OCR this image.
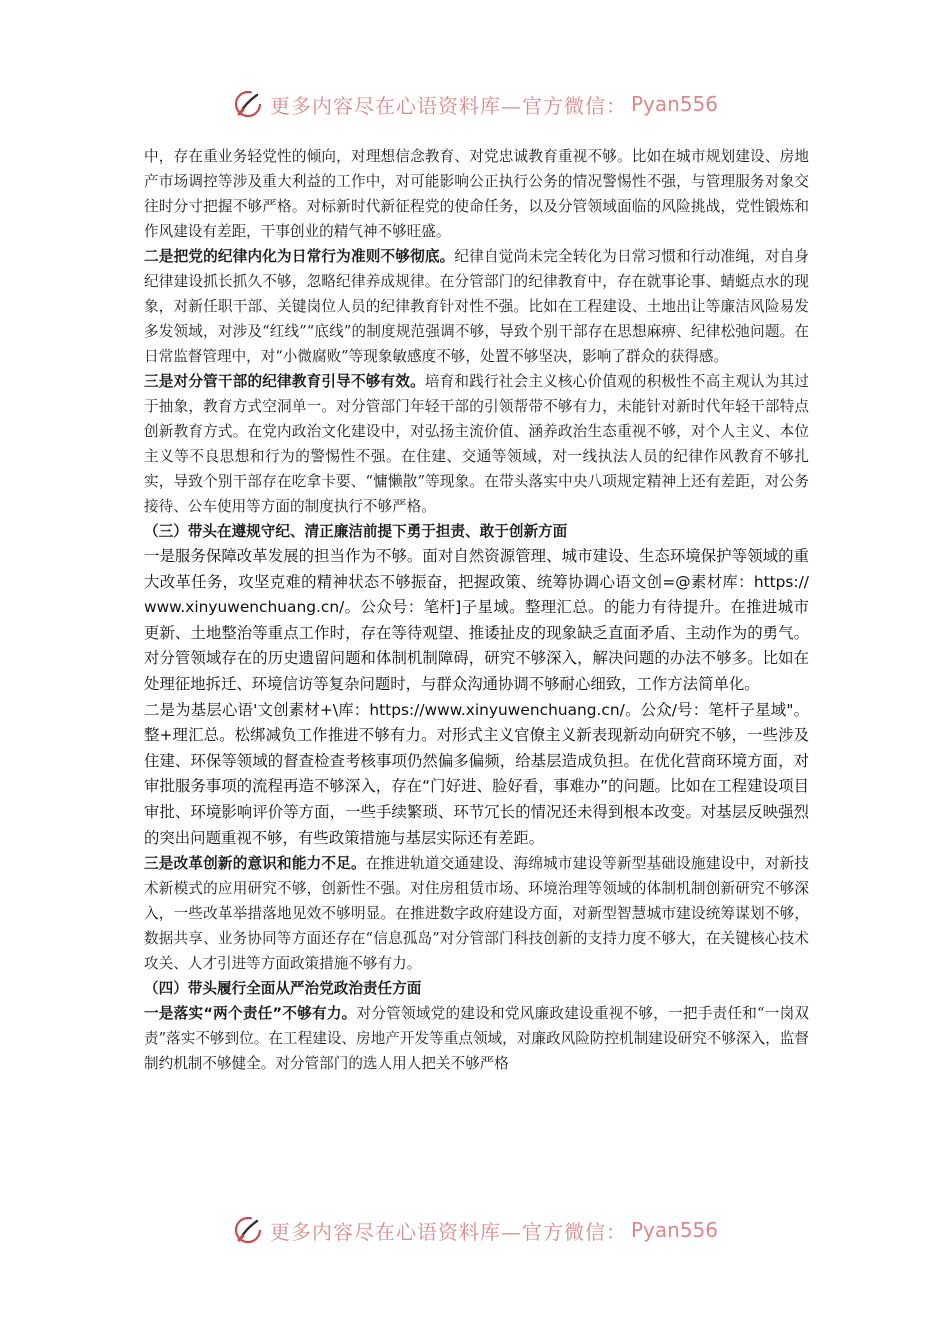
更多内容尽在心语资料库—官方微信： Pyan556

中，存在重业务轻党性的倾向，对理想信念教育、对党忠诚教育重视不够。比如在城市规划建设、房地产市场调控等涉及重大利益的工作中，对可能影响公正执行公务的情况警惕性不强，与管理服务对象交往时分寸把握不够严格。对标新时代新征程党的使命任务，以及分管领域面临的风险挑战，党性锻炼和作风建设有差距，干事创业的精气神不够旺盛。

二是把党的纪律内化为日常行为准则不够彻底。纪律自觉尚未完全转化为日常习惯和行动准绳，对自身纪律建设抓长抓久不够，忽略纪律养成规律。在分管部门的纪律教育中，存在就事论事、蜻蜓点水的现象，对新任职干部、关键岗位人员的纪律教育针对性不强。比如在工程建设、土地出让等廉洁风险易发多发领域，对涉及“红线”“底线”的制度规范强调不够，导致个别干部存在思想麻痹、纪律松弛问题。在日常监督管理中，对“小微腐败”等现象敏感度不够，处置不够坚决，影响了群众的获得感。

三是对分管干部的纪律教育引导不够有效。培育和践行社会主义核心价值观的积极性不高主观认为其过于抽象，教育方式空洞单一。对分管部门年轻干部的引领帮带不够有力，未能针对新时代年轻干部特点创新教育方式。在党内政治文化建设中，对弘扬主流价值、涵养政治生态重视不够，对个人主义、本位主义等不良思想和行为的警惕性不强。在住建、交通等领域，对一线执法人员的纪律作风教育不够扎实，导致个别干部存在吃拿卡要、“慵懒散”等现象。在带头落实中央八项规定精神上还有差距，对公务接待、公车使用等方面的制度执行不够严格。

（三）带头在遵规守纪、清正廉洁前提下勇于担责、敢于创新方面

一是服务保障改革发展的担当作为不够。面对自然资源管理、城市建设、生态环境保护等领域的重大改革任务，攻坚克难的精神状态不够振奋，把握政策、统筹协调心语文创=@素材库：https://www.xinyuwenchuang.cn/。公众号：笔杆]子星域。整理汇总。的能力有待提升。在推进城市更新、土地整治等重点工作时，存在等待观望、推诿扯皮的现象缺乏直面矛盾、主动作为的勇气。对分管领域存在的历史遗留问题和体制机制障碍，研究不够深入，解决问题的办法不够多。比如在处理征地拆迁、环境信访等复杂问题时，与群众沟通协调不够耐心细致，工作方法简单化。

二是为基层心语'文创素材+\库：https://www.xinyuwenchuang.cn/。公众/号：笔杆子星域"。整+理汇总。松绑减负工作推进不够有力。对形式主义官僚主义新表现新动向研究不够，一些涉及住建、环保等领域的督查检查考核事项仍然偏多偏频，给基层造成负担。在优化营商环境方面，对审批服务事项的流程再造不够深入，存在“门好进、脸好看，事难办”的问题。比如在工程建设项目审批、环境影响评价等方面，一些手续繁琐、环节冗长的情况还未得到根本改变。对基层反映强烈的突出问题重视不够，有些政策措施与基层实际还有差距。

三是改革创新的意识和能力不足。在推进轨道交通建设、海绵城市建设等新型基础设施建设中，对新技术新模式的应用研究不够，创新性不强。对住房租赁市场、环境治理等领域的体制机制创新研究不够深入，一些改革举措落地见效不够明显。在推进数字政府建设方面，对新型智慧城市建设统筹谋划不够，数据共享、业务协同等方面还存在“信息孤岛”对分管部门科技创新的支持力度不够大，在关键核心技术攻关、人才引进等方面政策措施不够有力。

（四）带头履行全面从严治党政治责任方面

一是落实“两个责任”不够有力。对分管领域党的建设和党风廉政建设重视不够，一把手责任和“一岗双责”落实不够到位。在工程建设、房地产开发等重点领域，对廉政风险防控机制建设研究不够深入，监督制约机制不够健全。对分管部门的选人用人把关不够严格

更多内容尽在心语资料库—官方微信： Pyan556
